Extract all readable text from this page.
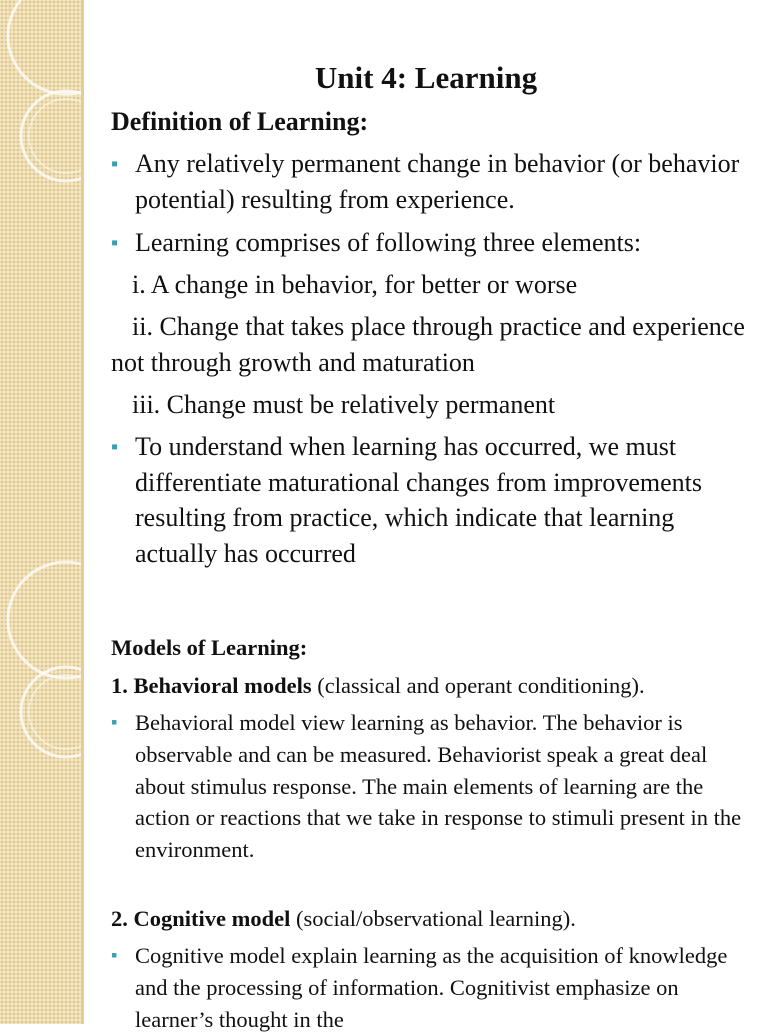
Unit 4: Learning
Definition of Learning:

▪ Any relatively permanent change in behavior (or behavior potential) resulting from experience.

▪ Learning comprises of following three elements:

i. A change in behavior, for better or worse

ii. Change that takes place through practice and experience not through growth and maturation

iii. Change must be relatively permanent

▪ To understand when learning has occurred, we must differentiate maturational changes from improvements resulting from practice, which indicate that learning actually has occurred

Models of Learning:

1. Behavioral models (classical and operant conditioning).

▪ Behavioral model view learning as behavior. The behavior is observable and can be measured. Behaviorist speak a great deal about stimulus response. The main elements of learning are the action or reactions that we take in response to stimuli present in the environment.

2. Cognitive model (social/observational learning).

▪ Cognitive model explain learning as the acquisition of knowledge and the processing of information. Cognitivist emphasize on learner’s thought in the
